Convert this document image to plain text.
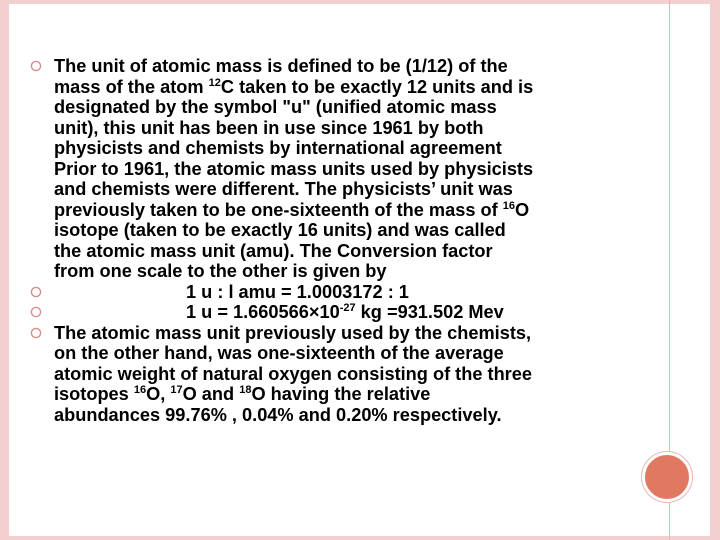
The unit of atomic mass is defined to be (1/12) of the
mass of the atom $^{12}$C taken to be exactly 12 units and is
designated by the symbol "u" (unified atomic mass
unit), this unit has been in use since 1961 by both
physicists and chemists by international agreement
Prior to 1961, the atomic mass units used by physicists
and chemists were different. The physicists’ unit was
previously taken to be one-sixteenth of the mass of $^{16}$O
isotope (taken to be exactly 16 units) and was called
the atomic mass unit (amu). The Conversion factor
from one scale to the other is given by
1 u : l amu = 1.0003172 : 1
1 $u = 1.660566\times 10^{-27}$ kg =931.502 Mev
The atomic mass unit previously used by the chemists,
on the other hand, was one-sixteenth of the average
atomic weight of natural oxygen consisting of the three
isotopes $^{16}$O, $^{17}$O and $^{18}$O having the relative
abundances 99.76% , 0.04% and 0.20% respectively.
